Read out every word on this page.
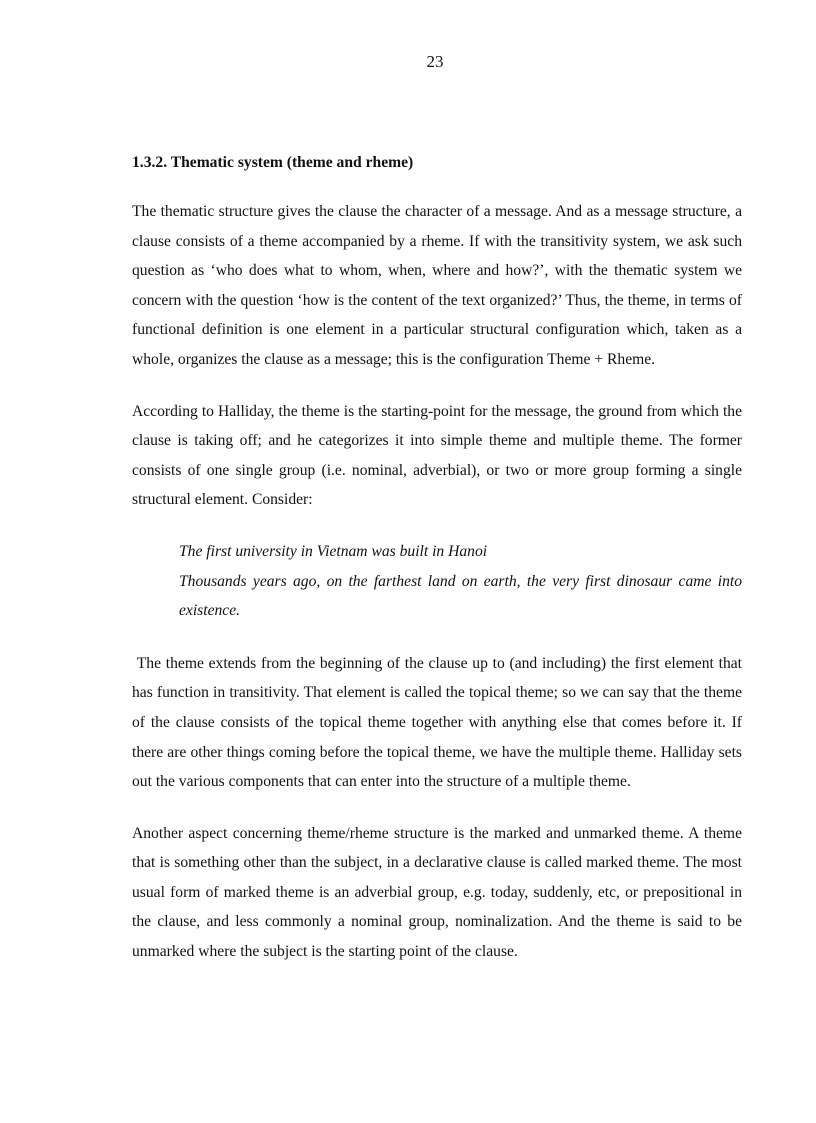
23
1.3.2. Thematic system (theme and rheme)

The thematic structure gives the clause the character of a message. And as a message structure, a clause consists of a theme accompanied by a rheme. If with the transitivity system, we ask such question as ‘who does what to whom, when, where and how?’, with the thematic system we concern with the question ‘how is the content of the text organized?’ Thus, the theme, in terms of functional definition is one element in a particular structural configuration which, taken as a whole, organizes the clause as a message; this is the configuration Theme + Rheme.

According to Halliday, the theme is the starting-point for the message, the ground from which the clause is taking off; and he categorizes it into simple theme and multiple theme. The former consists of one single group (i.e. nominal, adverbial), or two or more group forming a single structural element. Consider:

The first university in Vietnam was built in Hanoi
Thousands years ago, on the farthest land on earth, the very first dinosaur came into existence.

The theme extends from the beginning of the clause up to (and including) the first element that has function in transitivity. That element is called the topical theme; so we can say that the theme of the clause consists of the topical theme together with anything else that comes before it. If there are other things coming before the topical theme, we have the multiple theme. Halliday sets out the various components that can enter into the structure of a multiple theme.

Another aspect concerning theme/rheme structure is the marked and unmarked theme. A theme that is something other than the subject, in a declarative clause is called marked theme. The most usual form of marked theme is an adverbial group, e.g. today, suddenly, etc, or prepositional in the clause, and less commonly a nominal group, nominalization. And the theme is said to be unmarked where the subject is the starting point of the clause.
